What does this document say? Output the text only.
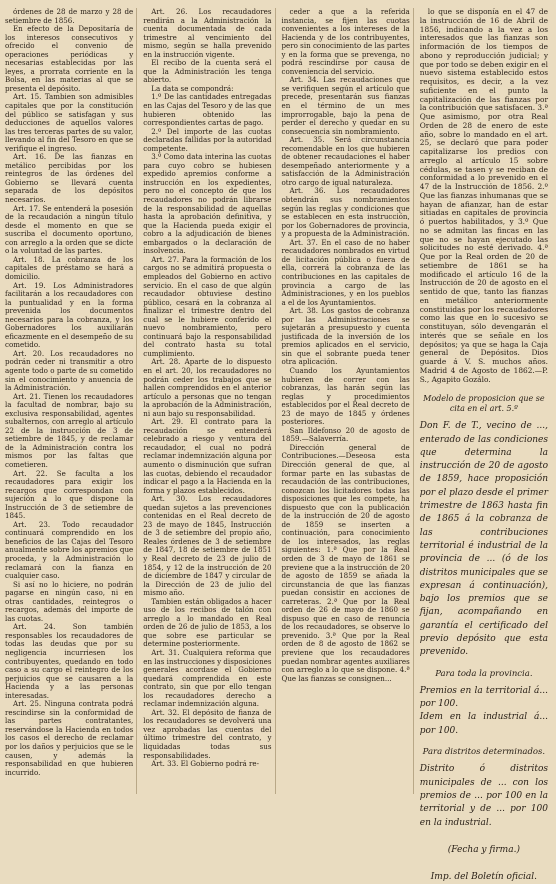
órdenes de 28 de marzo y 28 de setiembre de 1856.

En efecto de la Depositaría de los interesos consecutivos y ofrecido el convenio de operaciones periódicas y necesarias establecidas por las leyes, a prorrata corriente en la Bolsa, en las materias al que se presenta el depósito.

Art. 15. Tambien son admisibles capitales que por la constitución del público se satisfagan y sus deducciones de aquellos valores las tres terceras partes de su valor, llevando al fin del Tesoro en que se verifique el ingreso.

Art. 16. De las fianzas en metálico percibidas por los reintegros de las órdenes del Gobierno se llevará cuenta separada de los depósitos necesarios.

Art. 17. Se entenderá la posesión de la recaudación a ningún título desde el momento en que se suscriba el documento oportuno, con arreglo a la orden que se dicte o la voluntad de las partes.

Art. 18. La cobranza de los capitales de préstamo se hará a domicilio.

Art. 19. Los Administradores facilitarán a los recaudadores con la puntualidad y en la forma prevenida los documentos necesarios para la cobranza, y los Gobernadores los auxiliarán eficazmente en el desempeño de su cometido.

Art. 20. Los recaudadores no podrán ceder ni transmitir a otro agente todo o parte de su cometido sin el conocimiento y anuencia de la Administración.

Art. 21. Tienen los recaudadores la facultad de nombrar, bajo su exclusiva responsabilidad, agentes subalternos, con arreglo al artículo 22 de la instrucción de 3 de setiembre de 1845, y de reclamar de la Administración contra los mismos por las faltas que cometieren.

Art. 22. Se faculta a los recaudadores para exigir los recargos que correspondan con sujeción a lo que dispone la Instrucción de 3 de setiembre de 1845.

Art. 23. Todo recaudador continuará comprendido en los beneficios de las Cajas del Tesoro anualmente sobre los apremios que proceda, y la Administración lo reclamará con la fianza en cualquier caso.

Si así no lo hiciere, no podrán pagarse en ningún caso, ni en otras cantidades, reintegros o recargos, además del importe de las cuotas.

Art. 24. Son también responsables los recaudadores de todas las deudas que por su negligencia incurriesen los contribuyentes, quedando en todo caso a su cargo el reintegro de los perjuicios que se causaren a la Hacienda y a las personas interesadas.

Art. 25. Ninguna contrata podrá rescindirse sin la conformidad de las partes contratantes, reservándose la Hacienda en todos los casos el derecho de reclamar por los daños y perjuicios que se le causen, y además la responsabilidad en que hubieren incurrido.

Art. 26. Los recaudadores rendirán a la Administración la cuenta documentada de cada trimestre al vencimiento del mismo, según se halla prevenido en la instrucción vigente.

El recibo de la cuenta será el que la Administración les tenga abierto.

La data se compondrá:

1.º De las cantidades entregadas en las Cajas del Tesoro y de las que hubieren obtenido las correspondientes cartas de pago.

2.º Del importe de las cuotas declaradas fallidas por la autoridad competente.

3.º Como data interina las cuotas para cuyo cobro se hubiesen expedido apremios conforme a instrucción en los expedientes, pero no el concepto de que los recaudadores no podrán librarse de la responsabilidad de aquellas hasta la aprobación definitiva, y que la Hacienda pueda exigir el cobro a la adjudicación de bienes embargados o la declaración de insolvencia.

Art. 27. Para la formación de los cargos no se admitirá propuesta o empleados del Gobierno en activo servicio. En el caso de que algún recaudador obtuviese destino público, cesará en la cobranza al finalizar el trimestre dentro del cual se le hubiere conferido el nuevo nombramiento, pero continuará bajo la responsabilidad del contrato hasta su total cumplimiento.

Art. 28. Aparte de lo dispuesto en el art. 20, los recaudadores no podrán ceder los trabajos que se hallen comprendidos en el anterior artículo a personas que no tengan la aprobación de la Administración, ni aun bajo su responsabilidad.

Art. 29. El contrato para la recaudación se entenderá celebrado a riesgo y ventura del recaudador, el cual no podrá reclamar indemnización alguna por aumento o disminución que sufran las cuotas, debiendo el recaudador indicar el pago a la Hacienda en la forma y plazos establecidos.

Art. 30. Los recaudadores quedan sujetos a las prevenciones contenidas en el Real decreto de 23 de mayo de 1845, Instrucción de 3 de setiembre del propio año, Reales órdenes de 3 de setiembre de 1847, 18 de setiembre de 1851 y Real decreto de 23 de julio de 1854, y 12 de la instrucción de 20 de diciembre de 1847 y circular de la Dirección de 23 de julio del mismo año.

Tambien están obligados a hacer uso de los recibos de talón con arreglo a lo mandado en Real orden de 26 de julio de 1853, a los que sobre ese particular se determine posteriormente.

Art. 31. Cualquiera reforma que en las instrucciones y disposiciones generales acordase el Gobierno quedará comprendida en este contrato, sin que por ello tengan los recaudadores derecho a reclamar indemnización alguna.

Art. 32. El depósito de fianza de los recaudadores se devolverá una vez aprobadas las cuentas del último trimestre del contrato, y liquidadas todas sus responsabilidades.

Art. 33. El Gobierno podrá re-

ceder a que a la referida instancia, se fijen las cuotas convenientes a los intereses de la Hacienda y de los contribuyentes, pero sin conocimiento de las partes y en la forma que se prevenga, no podrá rescindirse por causa de conveniencia del servicio.

Art. 34. Las recaudaciones que se verifiquen según el artículo que precede, presentarán sus fianzas en el término de un mes improrrogable, bajo la pena de perder el derecho y quedar en su consecuencia sin nombramiento.

Art. 35. Será circunstancia recomendable en los que hubieren de obtener recaudaciones el haber desempeñado anteriormente y a satisfacción de la Administración otro cargo de igual naturaleza.

Art. 36. Los recaudadores obtendrán sus nombramientos según las reglas y condiciones que se establecen en esta instrucción, por los Gobernadores de provincia, y a propuesta de la Administración.

Art. 37. En el caso de no haber recaudadores nombrados en virtud de licitación pública o fuera de ella, correrá la cobranza de las contribuciones en las capitales de provincia a cargo de las Administraciones, y en los pueblos a el de los Ayuntamientos.

Art. 38. Los gastos de cobranza por las Administraciones se sujetarán a presupuesto y cuenta justificada de la inversión de los premios aplicados en el servicio, sin que el sobrante pueda tener otra aplicación.

Cuando los Ayuntamientos hubieren de correr con las cobranzas, las harán según las reglas y procedimientos establecidos por el Real decreto de 23 de mayo de 1845 y órdenes posteriores.

San Ildefonso 20 de agosto de 1859.—Salaverría.

Dirección general de Contribuciones.—Deseosa esta Dirección general de que, al formar parte en las subastas de recaudación de las contribuciones, conozcan los licitadores todas las disposiciones que les compete, ha dispuesto que con la publicación de la instrucción de 20 de agosto de 1859 se inserten a continuación, para conocimiento de los interesados, las reglas siguientes: 1.ª Que por la Real orden de 3 de mayo de 1861 se previene que a la instrucción de 20 de agosto de 1859 se añada la circunstancia de que las fianzas puedan consistir en acciones de carreteras. 2.ª Que por la Real orden de 26 de mayo de 1860 se dispuso que en caso de renuncia de los recaudadores, se observe lo prevenido. 3.ª Que por la Real orden de 8 de agosto de 1862 se previene que los recaudadores puedan nombrar agentes auxiliares con arreglo a lo que se dispone. 4.ª Que las fianzas se consignen...

lo que se disponía en el 47 de la instrucción de 16 de Abril de 1856, indicando a la vez a los interesados que las fianzas son información de los tiempos de abono y reproducción judicial; y que por todo se deben exigir en el nuevo sistema establecido estos requisitos, es decir, a la vez suficiente en el punto la capitalización de las fianzas por la contribución que satisfacen. 3.ª Que asimismo, por otra Real Orden de 28 de enero de este año, sobre lo mandado en el art. 25, se declaró que para poder capitalizarse los predios con arreglo al artículo 15 sobre cédulas, se tasen y se reciban de conformidad a lo prevenido en el 47 de la Instrucción de 1856. 2.º Que las fianzas inhumanas que se hayan de afianzar, han de estar sitiadas en capitales de provincia ó puertos habilitados, y 3.º Que no se admitan las fincas en las que no se hayan ejecutado las solicitudes no esté derivado. 4.ª Que por la Real orden de 20 de setiembre de 1861 se ha modificado el artículo 16 de la Instrucción de 20 de agosto en el sentido de que, tanto las fianzas en metálico anteriormente constituidas por los recaudadores como las que en lo sucesivo se constituyan, sólo devengarán el interés que se señale en los depósitos; ya que se haga la Caja general de Depósitos. Dios guarde á V. S. muchos años. Madrid 4 de Agosto de 1862.—P. S., Agapito Gozálo.

Modelo de proposicion que se cita en el art. 5.º

Don F. de T., vecino de ..., enterado de las condiciones que determina la instrucción de 20 de agosto de 1859, hace proposición por el plazo desde el primer trimestre de 1863 hasta fin de 1865 á la cobranza de las contribuciones territorial é industrial de la provincia de ... (ó de los distritos municipales que se expresan á continuación), bajo los premios que se fijan, acompañando en garantía el certificado del previo depósito que esta prevenido.

Para toda la provincia.

Premios en la territorial á... por 100.

Idem en la industrial á... por 100.

Para distritos determinados.

Distrito ó distritos municipales de ... con los premios de ... por 100 en la territorial y de ... por 100 en la industrial.

(Fecha y firma.)

Imp. del Boletín oficial.
